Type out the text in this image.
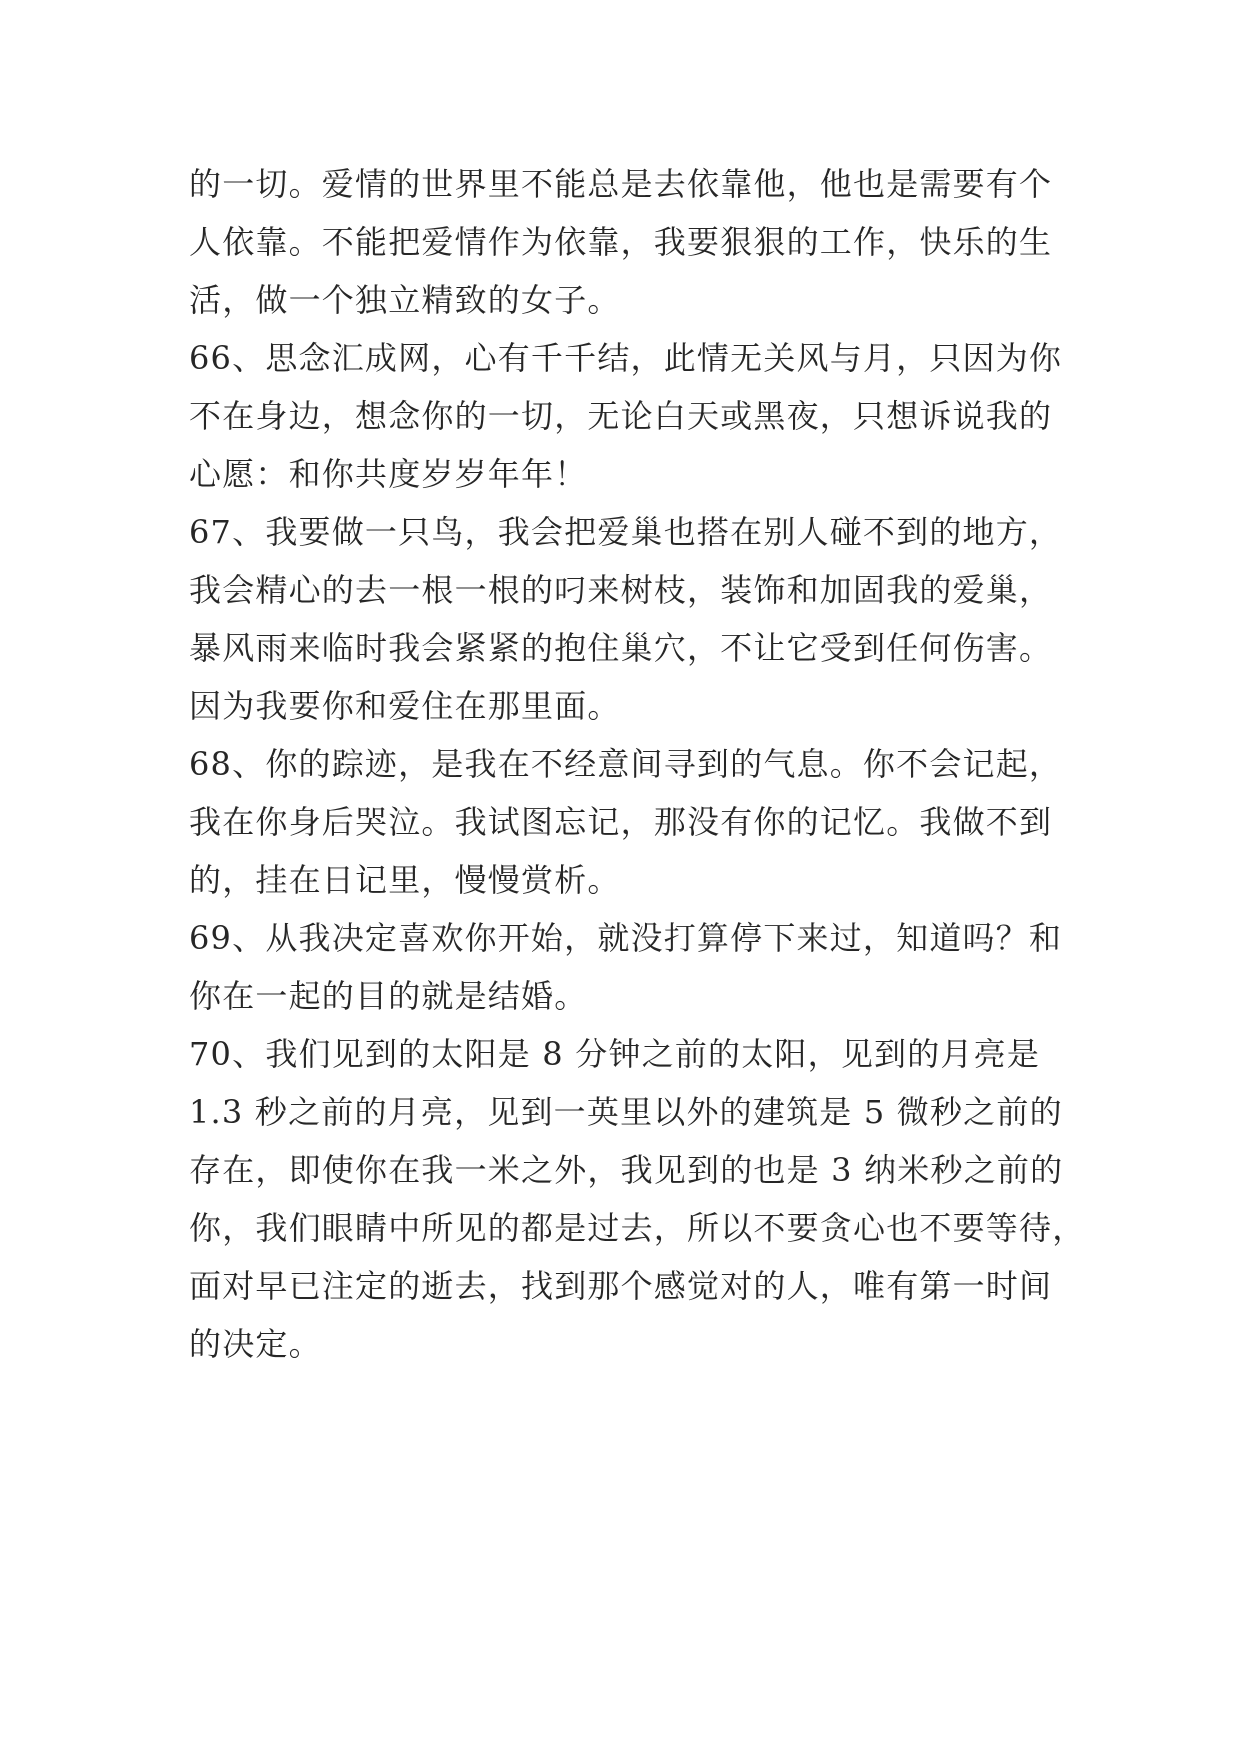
的一切。爱情的世界里不能总是去依靠他，他也是需要有个
人依靠。不能把爱情作为依靠，我要狠狠的工作，快乐的生
活，做一个独立精致的女子。
66、思念汇成网，心有千千结，此情无关风与月，只因为你
不在身边，想念你的一切，无论白天或黑夜，只想诉说我的
心愿：和你共度岁岁年年！
67、我要做一只鸟，我会把爱巢也搭在别人碰不到的地方，
我会精心的去一根一根的叼来树枝，装饰和加固我的爱巢，
暴风雨来临时我会紧紧的抱住巢穴，不让它受到任何伤害。
因为我要你和爱住在那里面。
68、你的踪迹，是我在不经意间寻到的气息。你不会记起，
我在你身后哭泣。我试图忘记，那没有你的记忆。我做不到
的，挂在日记里，慢慢赏析。
69、从我决定喜欢你开始，就没打算停下来过，知道吗？和
你在一起的目的就是结婚。
70、我们见到的太阳是 8 分钟之前的太阳，见到的月亮是
1.3 秒之前的月亮，见到一英里以外的建筑是 5 微秒之前的
存在，即使你在我一米之外，我见到的也是 3 纳米秒之前的
你，我们眼睛中所见的都是过去，所以不要贪心也不要等待，
面对早已注定的逝去，找到那个感觉对的人，唯有第一时间
的决定。
